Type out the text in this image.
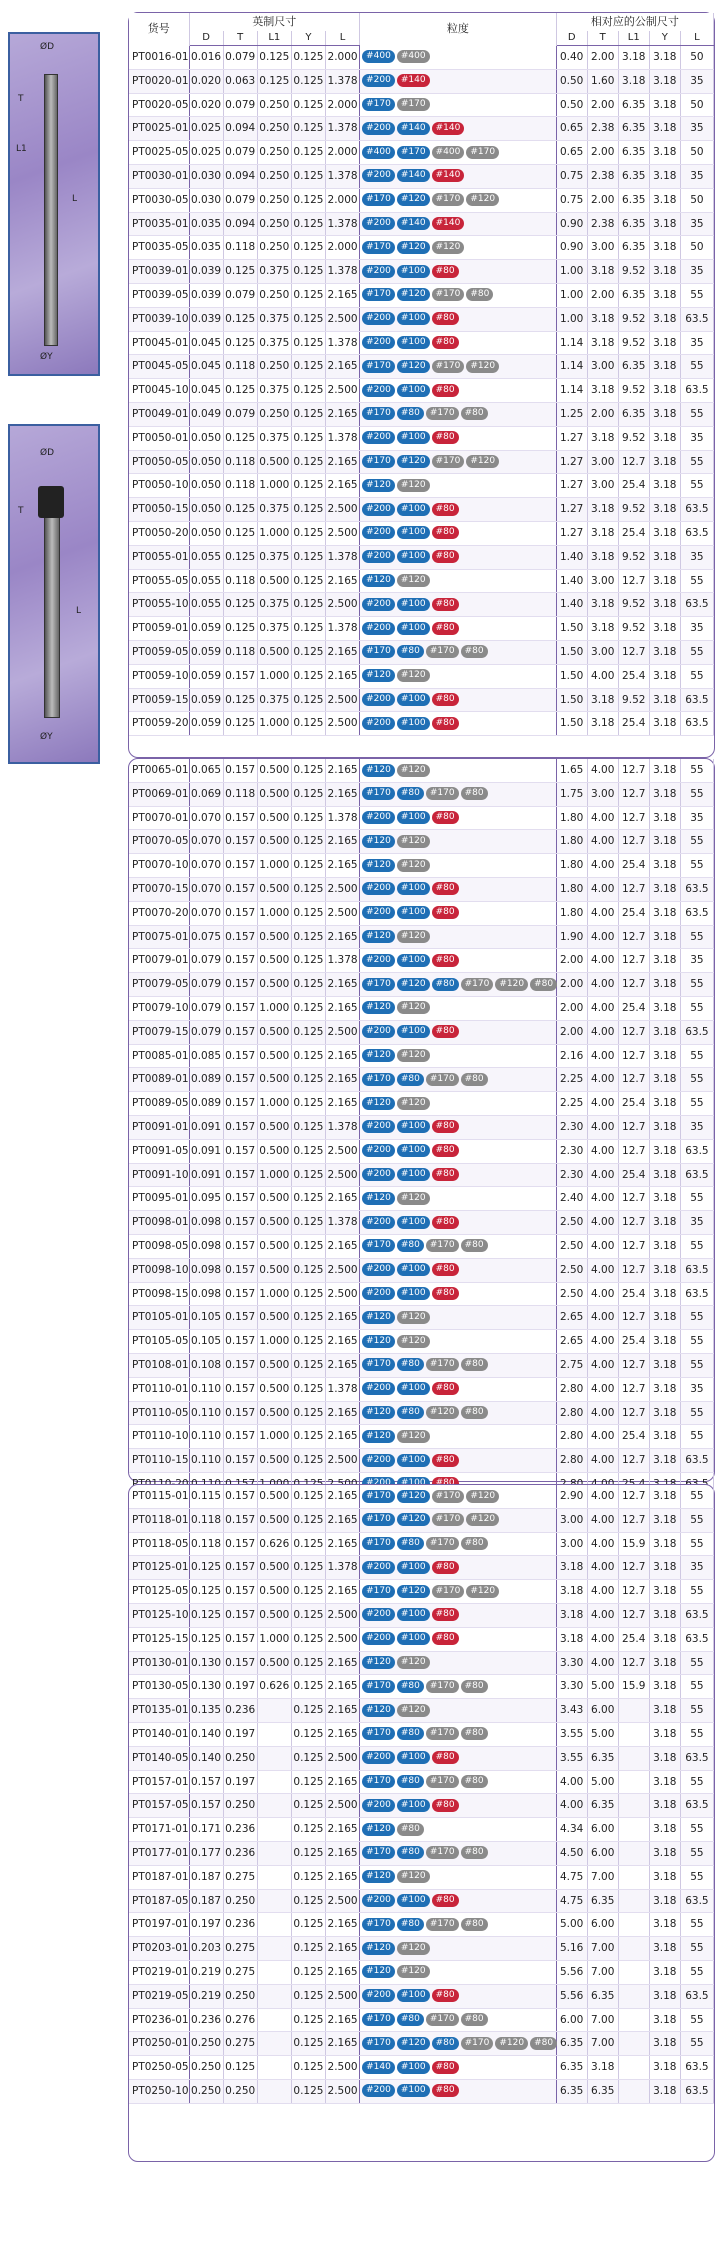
ØD
T
L1
L
ØY
ØD
T
L
ØY
货号	英制尺寸					粒度	相对应的公制尺寸				
	D	T	L1	Y	L		D	T	L1	Y	L
PT0016-01	0.016	0.079	0.125	0.125	2.000	#400 #400	0.40	2.00	3.18	3.18	50
PT0020-01	0.020	0.063	0.125	0.125	1.378	#200 #140	0.50	1.60	3.18	3.18	35
PT0020-05	0.020	0.079	0.250	0.125	2.000	#170 #170	0.50	2.00	6.35	3.18	50
PT0025-01	0.025	0.094	0.250	0.125	1.378	#200 #140 #140	0.65	2.38	6.35	3.18	35
PT0025-05	0.025	0.079	0.250	0.125	2.000	#400 #170 #400 #170	0.65	2.00	6.35	3.18	50
PT0030-01	0.030	0.094	0.250	0.125	1.378	#200 #140 #140	0.75	2.38	6.35	3.18	35
PT0030-05	0.030	0.079	0.250	0.125	2.000	#170 #120 #170 #120	0.75	2.00	6.35	3.18	50
PT0035-01	0.035	0.094	0.250	0.125	1.378	#200 #140 #140	0.90	2.38	6.35	3.18	35
PT0035-05	0.035	0.118	0.250	0.125	2.000	#170 #120 #120	0.90	3.00	6.35	3.18	50
PT0039-01	0.039	0.125	0.375	0.125	1.378	#200 #100 #80	1.00	3.18	9.52	3.18	35
PT0039-05	0.039	0.079	0.250	0.125	2.165	#170 #120 #170 #80	1.00	2.00	6.35	3.18	55
PT0039-10	0.039	0.125	0.375	0.125	2.500	#200 #100 #80	1.00	3.18	9.52	3.18	63.5
PT0045-01	0.045	0.125	0.375	0.125	1.378	#200 #100 #80	1.14	3.18	9.52	3.18	35
PT0045-05	0.045	0.118	0.250	0.125	2.165	#170 #120 #170 #120	1.14	3.00	6.35	3.18	55
PT0045-10	0.045	0.125	0.375	0.125	2.500	#200 #100 #80	1.14	3.18	9.52	3.18	63.5
PT0049-01	0.049	0.079	0.250	0.125	2.165	#170 #80 #170 #80	1.25	2.00	6.35	3.18	55
PT0050-01	0.050	0.125	0.375	0.125	1.378	#200 #100 #80	1.27	3.18	9.52	3.18	35
PT0050-05	0.050	0.118	0.500	0.125	2.165	#170 #120 #170 #120	1.27	3.00	12.7	3.18	55
PT0050-10	0.050	0.118	1.000	0.125	2.165	#120 #120	1.27	3.00	25.4	3.18	55
PT0050-15	0.050	0.125	0.375	0.125	2.500	#200 #100 #80	1.27	3.18	9.52	3.18	63.5
PT0050-20	0.050	0.125	1.000	0.125	2.500	#200 #100 #80	1.27	3.18	25.4	3.18	63.5
PT0055-01	0.055	0.125	0.375	0.125	1.378	#200 #100 #80	1.40	3.18	9.52	3.18	35
PT0055-05	0.055	0.118	0.500	0.125	2.165	#120 #120	1.40	3.00	12.7	3.18	55
PT0055-10	0.055	0.125	0.375	0.125	2.500	#200 #100 #80	1.40	3.18	9.52	3.18	63.5
PT0059-01	0.059	0.125	0.375	0.125	1.378	#200 #100 #80	1.50	3.18	9.52	3.18	35
PT0059-05	0.059	0.118	0.500	0.125	2.165	#170 #80 #170 #80	1.50	3.00	12.7	3.18	55
PT0059-10	0.059	0.157	1.000	0.125	2.165	#120 #120	1.50	4.00	25.4	3.18	55
PT0059-15	0.059	0.125	0.375	0.125	2.500	#200 #100 #80	1.50	3.18	9.52	3.18	63.5
PT0059-20	0.059	0.125	1.000	0.125	2.500	#200 #100 #80	1.50	3.18	25.4	3.18	63.5
PT0065-01	0.065	0.157	0.500	0.125	2.165	#120 #120	1.65	4.00	12.7	3.18	55
PT0069-01	0.069	0.118	0.500	0.125	2.165	#170 #80 #170 #80	1.75	3.00	12.7	3.18	55
PT0070-01	0.070	0.157	0.500	0.125	1.378	#200 #100 #80	1.80	4.00	12.7	3.18	35
PT0070-05	0.070	0.157	0.500	0.125	2.165	#120 #120	1.80	4.00	12.7	3.18	55
PT0070-10	0.070	0.157	1.000	0.125	2.165	#120 #120	1.80	4.00	25.4	3.18	55
PT0070-15	0.070	0.157	0.500	0.125	2.500	#200 #100 #80	1.80	4.00	12.7	3.18	63.5
PT0070-20	0.070	0.157	1.000	0.125	2.500	#200 #100 #80	1.80	4.00	25.4	3.18	63.5
PT0075-01	0.075	0.157	0.500	0.125	2.165	#120 #120	1.90	4.00	12.7	3.18	55
PT0079-01	0.079	0.157	0.500	0.125	1.378	#200 #100 #80	2.00	4.00	12.7	3.18	35
PT0079-05	0.079	0.157	0.500	0.125	2.165	#170 #120 #80 #170 #120 #80	2.00	4.00	12.7	3.18	55
PT0079-10	0.079	0.157	1.000	0.125	2.165	#120 #120	2.00	4.00	25.4	3.18	55
PT0079-15	0.079	0.157	0.500	0.125	2.500	#200 #100 #80	2.00	4.00	12.7	3.18	63.5
PT0085-01	0.085	0.157	0.500	0.125	2.165	#120 #120	2.16	4.00	12.7	3.18	55
PT0089-01	0.089	0.157	0.500	0.125	2.165	#170 #80 #170 #80	2.25	4.00	12.7	3.18	55
PT0089-05	0.089	0.157	1.000	0.125	2.165	#120 #120	2.25	4.00	25.4	3.18	55
PT0091-01	0.091	0.157	0.500	0.125	1.378	#200 #100 #80	2.30	4.00	12.7	3.18	35
PT0091-05	0.091	0.157	0.500	0.125	2.500	#200 #100 #80	2.30	4.00	12.7	3.18	63.5
PT0091-10	0.091	0.157	1.000	0.125	2.500	#200 #100 #80	2.30	4.00	25.4	3.18	63.5
PT0095-01	0.095	0.157	0.500	0.125	2.165	#120 #120	2.40	4.00	12.7	3.18	55
PT0098-01	0.098	0.157	0.500	0.125	1.378	#200 #100 #80	2.50	4.00	12.7	3.18	35
PT0098-05	0.098	0.157	0.500	0.125	2.165	#170 #80 #170 #80	2.50	4.00	12.7	3.18	55
PT0098-10	0.098	0.157	0.500	0.125	2.500	#200 #100 #80	2.50	4.00	12.7	3.18	63.5
PT0098-15	0.098	0.157	1.000	0.125	2.500	#200 #100 #80	2.50	4.00	25.4	3.18	63.5
PT0105-01	0.105	0.157	0.500	0.125	2.165	#120 #120	2.65	4.00	12.7	3.18	55
PT0105-05	0.105	0.157	1.000	0.125	2.165	#120 #120	2.65	4.00	25.4	3.18	55
PT0108-01	0.108	0.157	0.500	0.125	2.165	#170 #80 #170 #80	2.75	4.00	12.7	3.18	55
PT0110-01	0.110	0.157	0.500	0.125	1.378	#200 #100 #80	2.80	4.00	12.7	3.18	35
PT0110-05	0.110	0.157	0.500	0.125	2.165	#120 #80 #120 #80	2.80	4.00	12.7	3.18	55
PT0110-10	0.110	0.157	1.000	0.125	2.165	#120 #120	2.80	4.00	25.4	3.18	55
PT0110-15	0.110	0.157	0.500	0.125	2.500	#200 #100 #80	2.80	4.00	12.7	3.18	63.5

PT0115-01	0.115	0.157	0.500	0.125	2.165	#170 #120 #170 #120	2.90	4.00	12.7	3.18	55
PT0118-01	0.118	0.157	0.500	0.125	2.165	#170 #120 #170 #120	3.00	4.00	12.7	3.18	55
PT0118-05	0.118	0.157	0.626	0.125	2.165	#170 #80 #170 #80	3.00	4.00	15.9	3.18	55
PT0125-01	0.125	0.157	0.500	0.125	1.378	#200 #100 #80	3.18	4.00	12.7	3.18	35
PT0125-05	0.125	0.157	0.500	0.125	2.165	#170 #120 #170 #120	3.18	4.00	12.7	3.18	55
PT0125-10	0.125	0.157	0.500	0.125	2.500	#200 #100 #80	3.18	4.00	12.7	3.18	63.5
PT0125-15	0.125	0.157	1.000	0.125	2.500	#200 #100 #80	3.18	4.00	25.4	3.18	63.5
PT0130-01	0.130	0.157	0.500	0.125	2.165	#120 #120	3.30	4.00	12.7	3.18	55
PT0130-05	0.130	0.197	0.626	0.125	2.165	#170 #80 #170 #80	3.30	5.00	15.9	3.18	55
PT0135-01	0.135	0.236		0.125	2.165	#120 #120	3.43	6.00		3.18	55
PT0140-01	0.140	0.197		0.125	2.165	#170 #80 #170 #80	3.55	5.00		3.18	55
PT0140-05	0.140	0.250		0.125	2.500	#200 #100 #80	3.55	6.35		3.18	63.5
PT0157-01	0.157	0.197		0.125	2.165	#170 #80 #170 #80	4.00	5.00		3.18	55
PT0157-05	0.157	0.250		0.125	2.500	#200 #100 #80	4.00	6.35		3.18	63.5
PT0171-01	0.171	0.236		0.125	2.165	#120 #80	4.34	6.00		3.18	55
PT0177-01	0.177	0.236		0.125	2.165	#170 #80 #170 #80	4.50	6.00		3.18	55
PT0187-01	0.187	0.275		0.125	2.165	#120 #120	4.75	7.00		3.18	55
PT0187-05	0.187	0.250		0.125	2.500	#200 #100 #80	4.75	6.35		3.18	63.5
PT0197-01	0.197	0.236		0.125	2.165	#170 #80 #170 #80	5.00	6.00		3.18	55
PT0203-01	0.203	0.275		0.125	2.165	#120 #120	5.16	7.00		3.18	55
PT0219-01	0.219	0.275		0.125	2.165	#120 #120	5.56	7.00		3.18	55
PT0219-05	0.219	0.250		0.125	2.500	#200 #100 #80	5.56	6.35		3.18	63.5
PT0236-01	0.236	0.276		0.125	2.165	#170 #80 #170 #80	6.00	7.00		3.18	55
PT0250-01	0.250	0.275		0.125	2.165	#170 #120 #80 #170 #120 #80	6.35	7.00		3.18	55
PT0250-05	0.250	0.125		0.125	2.500	#140 #100 #80	6.35	3.18		3.18	63.5
PT0250-10	0.250	0.250		0.125	2.500	#200 #100 #80	6.35	6.35		3.18	63.5
